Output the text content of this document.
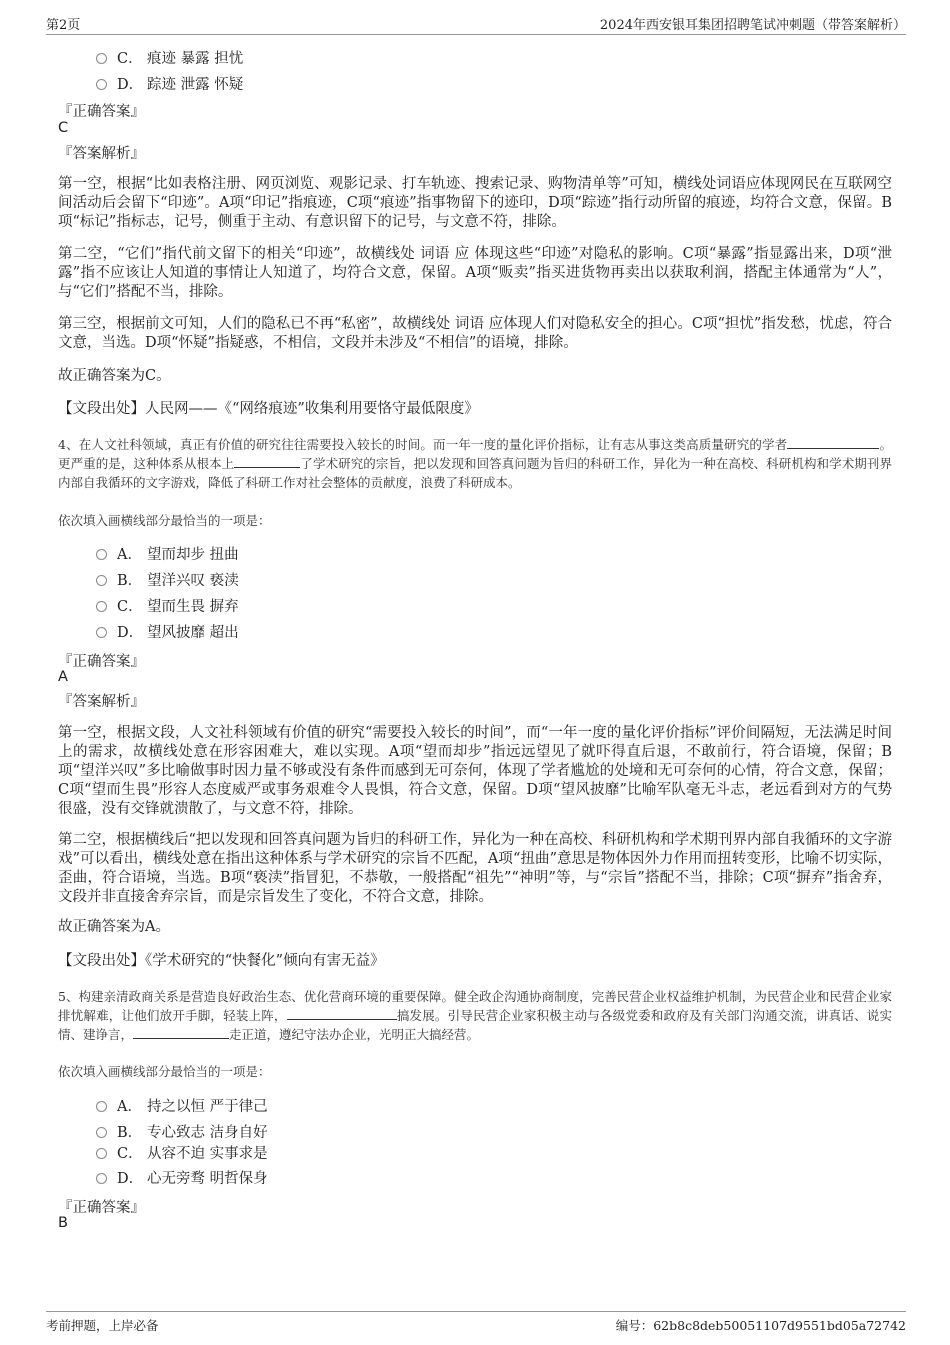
第2页	2024年西安银耳集团招聘笔试冲刺题（带答案解析）
C． 痕迹 暴露 担忧
D． 踪迹 泄露 怀疑
『正确答案』
C
『答案解析』
第一空，根据“比如表格注册、网页浏览、观影记录、打车轨迹、搜索记录、购物清单等”可知，横线处词语应体现网民在互联网空间活动后会留下“印迹”。A项“印记”指痕迹，C项“痕迹”指事物留下的迹印，D项“踪迹”指行动所留的痕迹，均符合文意，保留。B项“标记”指标志，记号，侧重于主动、有意识留下的记号，与文意不符，排除。
第二空，“它们”指代前文留下的相关“印迹”，故横线处 词语 应 体现这些“印迹”对隐私的影响。C项“暴露”指显露出来，D项“泄露”指不应该让人知道的事情让人知道了，均符合文意，保留。A项“贩卖”指买进货物再卖出以获取利润，搭配主体通常为“人”，与“它们”搭配不当，排除。
第三空，根据前文可知，人们的隐私已不再“私密”，故横线处 词语 应体现人们对隐私安全的担心。C项“担忧”指发愁，忧虑，符合文意，当选。D项“怀疑”指疑惑，不相信，文段并未涉及“不相信”的语境，排除。
故正确答案为C。
【文段出处】人民网——《“网络痕迹”收集利用要恪守最低限度》
4、在人文社科领域，真正有价值的研究往往需要投入较长的时间。而一年一度的量化评价指标，让有志从事这类高质量研究的学者	。更严重的是，这种体系从根本上	了学术研究的宗旨，把以发现和回答真问题为旨归的科研工作，异化为一种在高校、科研机构和学术期刊界内部自我循环的文字游戏，降低了科研工作对社会整体的贡献度，浪费了科研成本。
依次填入画横线部分最恰当的一项是：
A． 望而却步 扭曲
B． 望洋兴叹 亵渎
C． 望而生畏 摒弃
D． 望风披靡 超出
『正确答案』
A
『答案解析』
第一空，根据文段，人文社科领域有价值的研究“需要投入较长的时间”，而“一年一度的量化评价指标”评价间隔短，无法满足时间上的需求，故横线处意在形容困难大，难以实现。A项“望而却步”指远远望见了就吓得直后退，不敢前行，符合语境，保留；B项“望洋兴叹”多比喻做事时因力量不够或没有条件而感到无可奈何，体现了学者尴尬的处境和无可奈何的心情，符合文意，保留；C项“望而生畏”形容人态度威严或事务艰难令人畏惧，符合文意，保留。D项“望风披靡”比喻军队毫无斗志，老远看到对方的气势很盛，没有交锋就溃散了，与文意不符，排除。
第二空，根据横线后“把以发现和回答真问题为旨归的科研工作，异化为一种在高校、科研机构和学术期刊界内部自我循环的文字游戏”可以看出，横线处意在指出这种体系与学术研究的宗旨不匹配，A项“扭曲”意思是物体因外力作用而扭转变形，比喻不切实际，歪曲，符合语境，当选。B项“亵渎”指冒犯，不恭敬，一般搭配“祖先”“神明”等，与“宗旨”搭配不当，排除；C项“摒弃”指舍弃，文段并非直接舍弃宗旨，而是宗旨发生了变化，不符合文意，排除。
故正确答案为A。
【文段出处】《学术研究的“快餐化”倾向有害无益》
5、构建亲清政商关系是营造良好政治生态、优化营商环境的重要保障。健全政企沟通协商制度，完善民营企业权益维护机制，为民营企业和民营企业家排忧解难，让他们放开手脚，轻装上阵，	搞发展。引导民营企业家积极主动与各级党委和政府及有关部门沟通交流，讲真话、说实情、建诤言，	走正道，遵纪守法办企业，光明正大搞经营。
依次填入画横线部分最恰当的一项是：
A． 持之以恒 严于律己
B． 专心致志 洁身自好
C． 从容不迫 实事求是
D． 心无旁骛 明哲保身
『正确答案』
B
考前押题，上岸必备	编号：62b8c8deb50051107d9551bd05a72742
